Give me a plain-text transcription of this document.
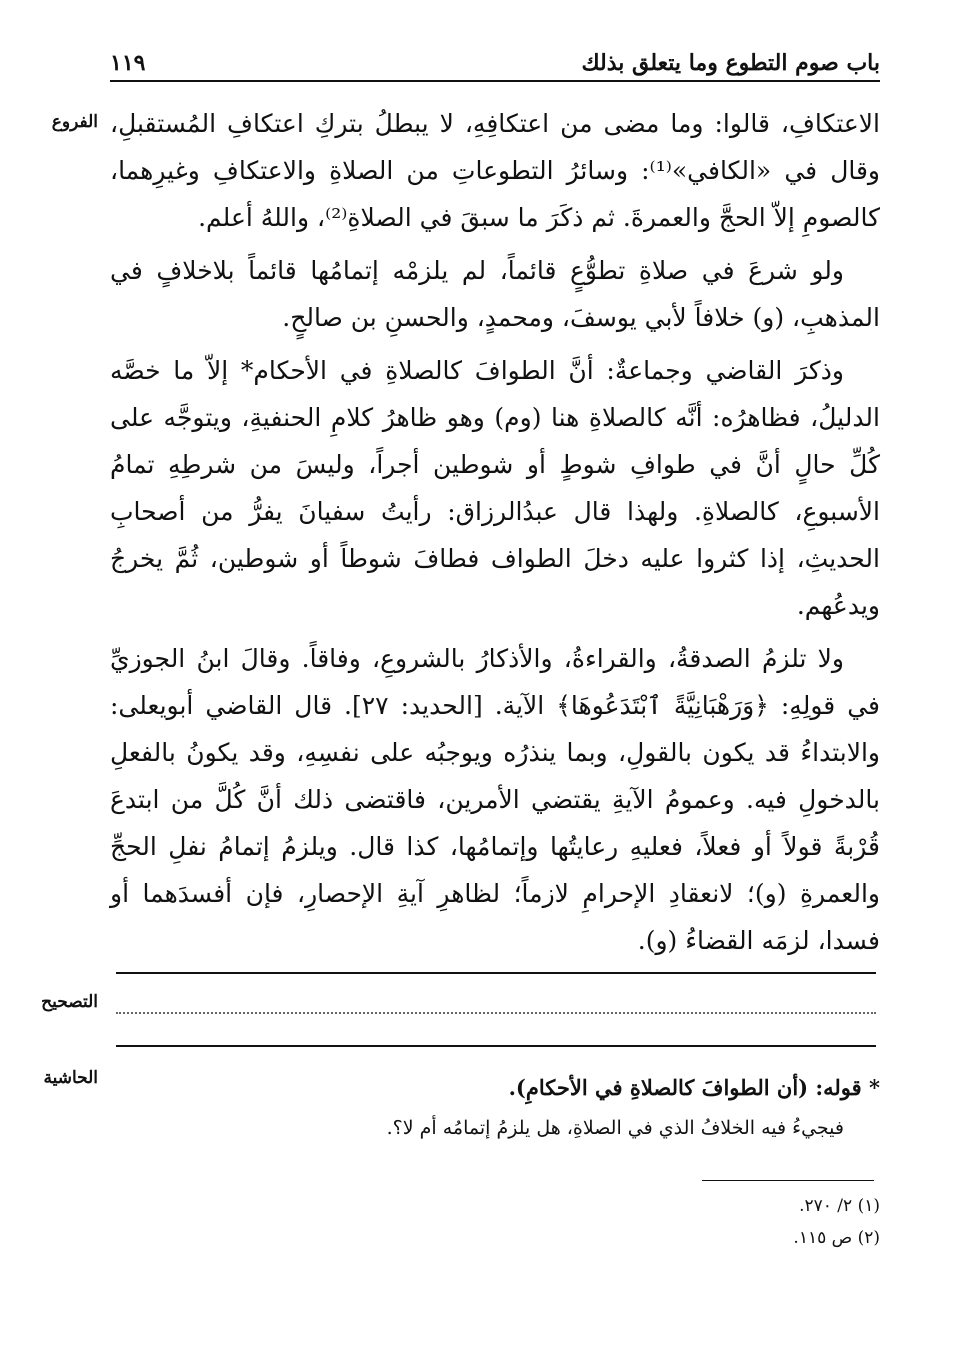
باب صوم التطوع وما يتعلق بذلك
١١٩
الفروع الاعتكافِ، قالوا: وما مضى من اعتكافِهِ، لا يبطلُ بتركِ اعتكافِ المُستقبلِ، وقال في «الكافي»⁽¹⁾: وسائرُ التطوعاتِ من الصلاةِ والاعتكافِ وغيرِهما، كالصومِ إلاّ الحجَّ والعمرةَ. ثم ذكَرَ ما سبقَ في الصلاةِ⁽²⁾، واللهُ أعلم.

ولو شرعَ في صلاةِ تطوُّعٍ قائماً، لم يلزمْه إتمامُها قائماً بلاخلافٍ في المذهبِ، (و) خلافاً لأبي يوسفَ، ومحمدٍ، والحسنِ بن صالحٍ.

وذكرَ القاضي وجماعةٌ: أنَّ الطوافَ كالصلاةِ في الأحكام* إلاّ ما خصَّه الدليلُ، فظاهرُه: أنَّه كالصلاةِ هنا (وم) وهو ظاهرُ كلامِ الحنفيةِ، ويتوجَّه على كُلِّ حالٍ أنَّ في طوافِ شوطٍ أو شوطين أجراً، وليسَ من شرطِهِ تمامُ الأسبوعِ، كالصلاةِ. ولهذا قال عبدُالرزاق: رأيتُ سفيانَ يفرُّ من أصحابِ الحديثِ، إذا كثروا عليه دخلَ الطواف فطافَ شوطاً أو شوطين، ثُمَّ يخرجُ ويدعُهم.

ولا تلزمُ الصدقةُ، والقراءةُ، والأذكارُ بالشروعِ، وفاقاً. وقالَ ابنُ الجوزيِّ في قولِهِ: ﴿وَرَهْبَانِيَّةً ٱبْتَدَعُوهَا﴾ الآية. [الحديد: ٢٧]. قال القاضي أبويعلى: والابتداءُ قد يكون بالقولِ، وبما ينذرُه ويوجبُه على نفسِهِ، وقد يكونُ بالفعلِ بالدخولِ فيه. وعمومُ الآيةِ يقتضي الأمرين، فاقتضى ذلك أنَّ كُلَّ من ابتدعَ قُرْبةً قولاً أو فعلاً، فعليهِ رعايتُها وإتمامُها، كذا قال. ويلزمُ إتمامُ نفلِ الحجِّ والعمرةِ (و)؛ لانعقادِ الإحرامِ لازماً؛ لظاهرِ آيةِ الإحصارِ، فإن أفسدَهما أو فسدا، لزمَه القضاءُ (و).

التصحيح
الحاشية	* قوله: (أن الطوافَ كالصلاةِ في الأحكامِ).
فيجيءُ فيه الخلافُ الذي في الصلاةِ، هل يلزمُ إتمامُه أم لا؟.
(١) ٢/ ٢٧٠.
(٢) ص ١١٥.
